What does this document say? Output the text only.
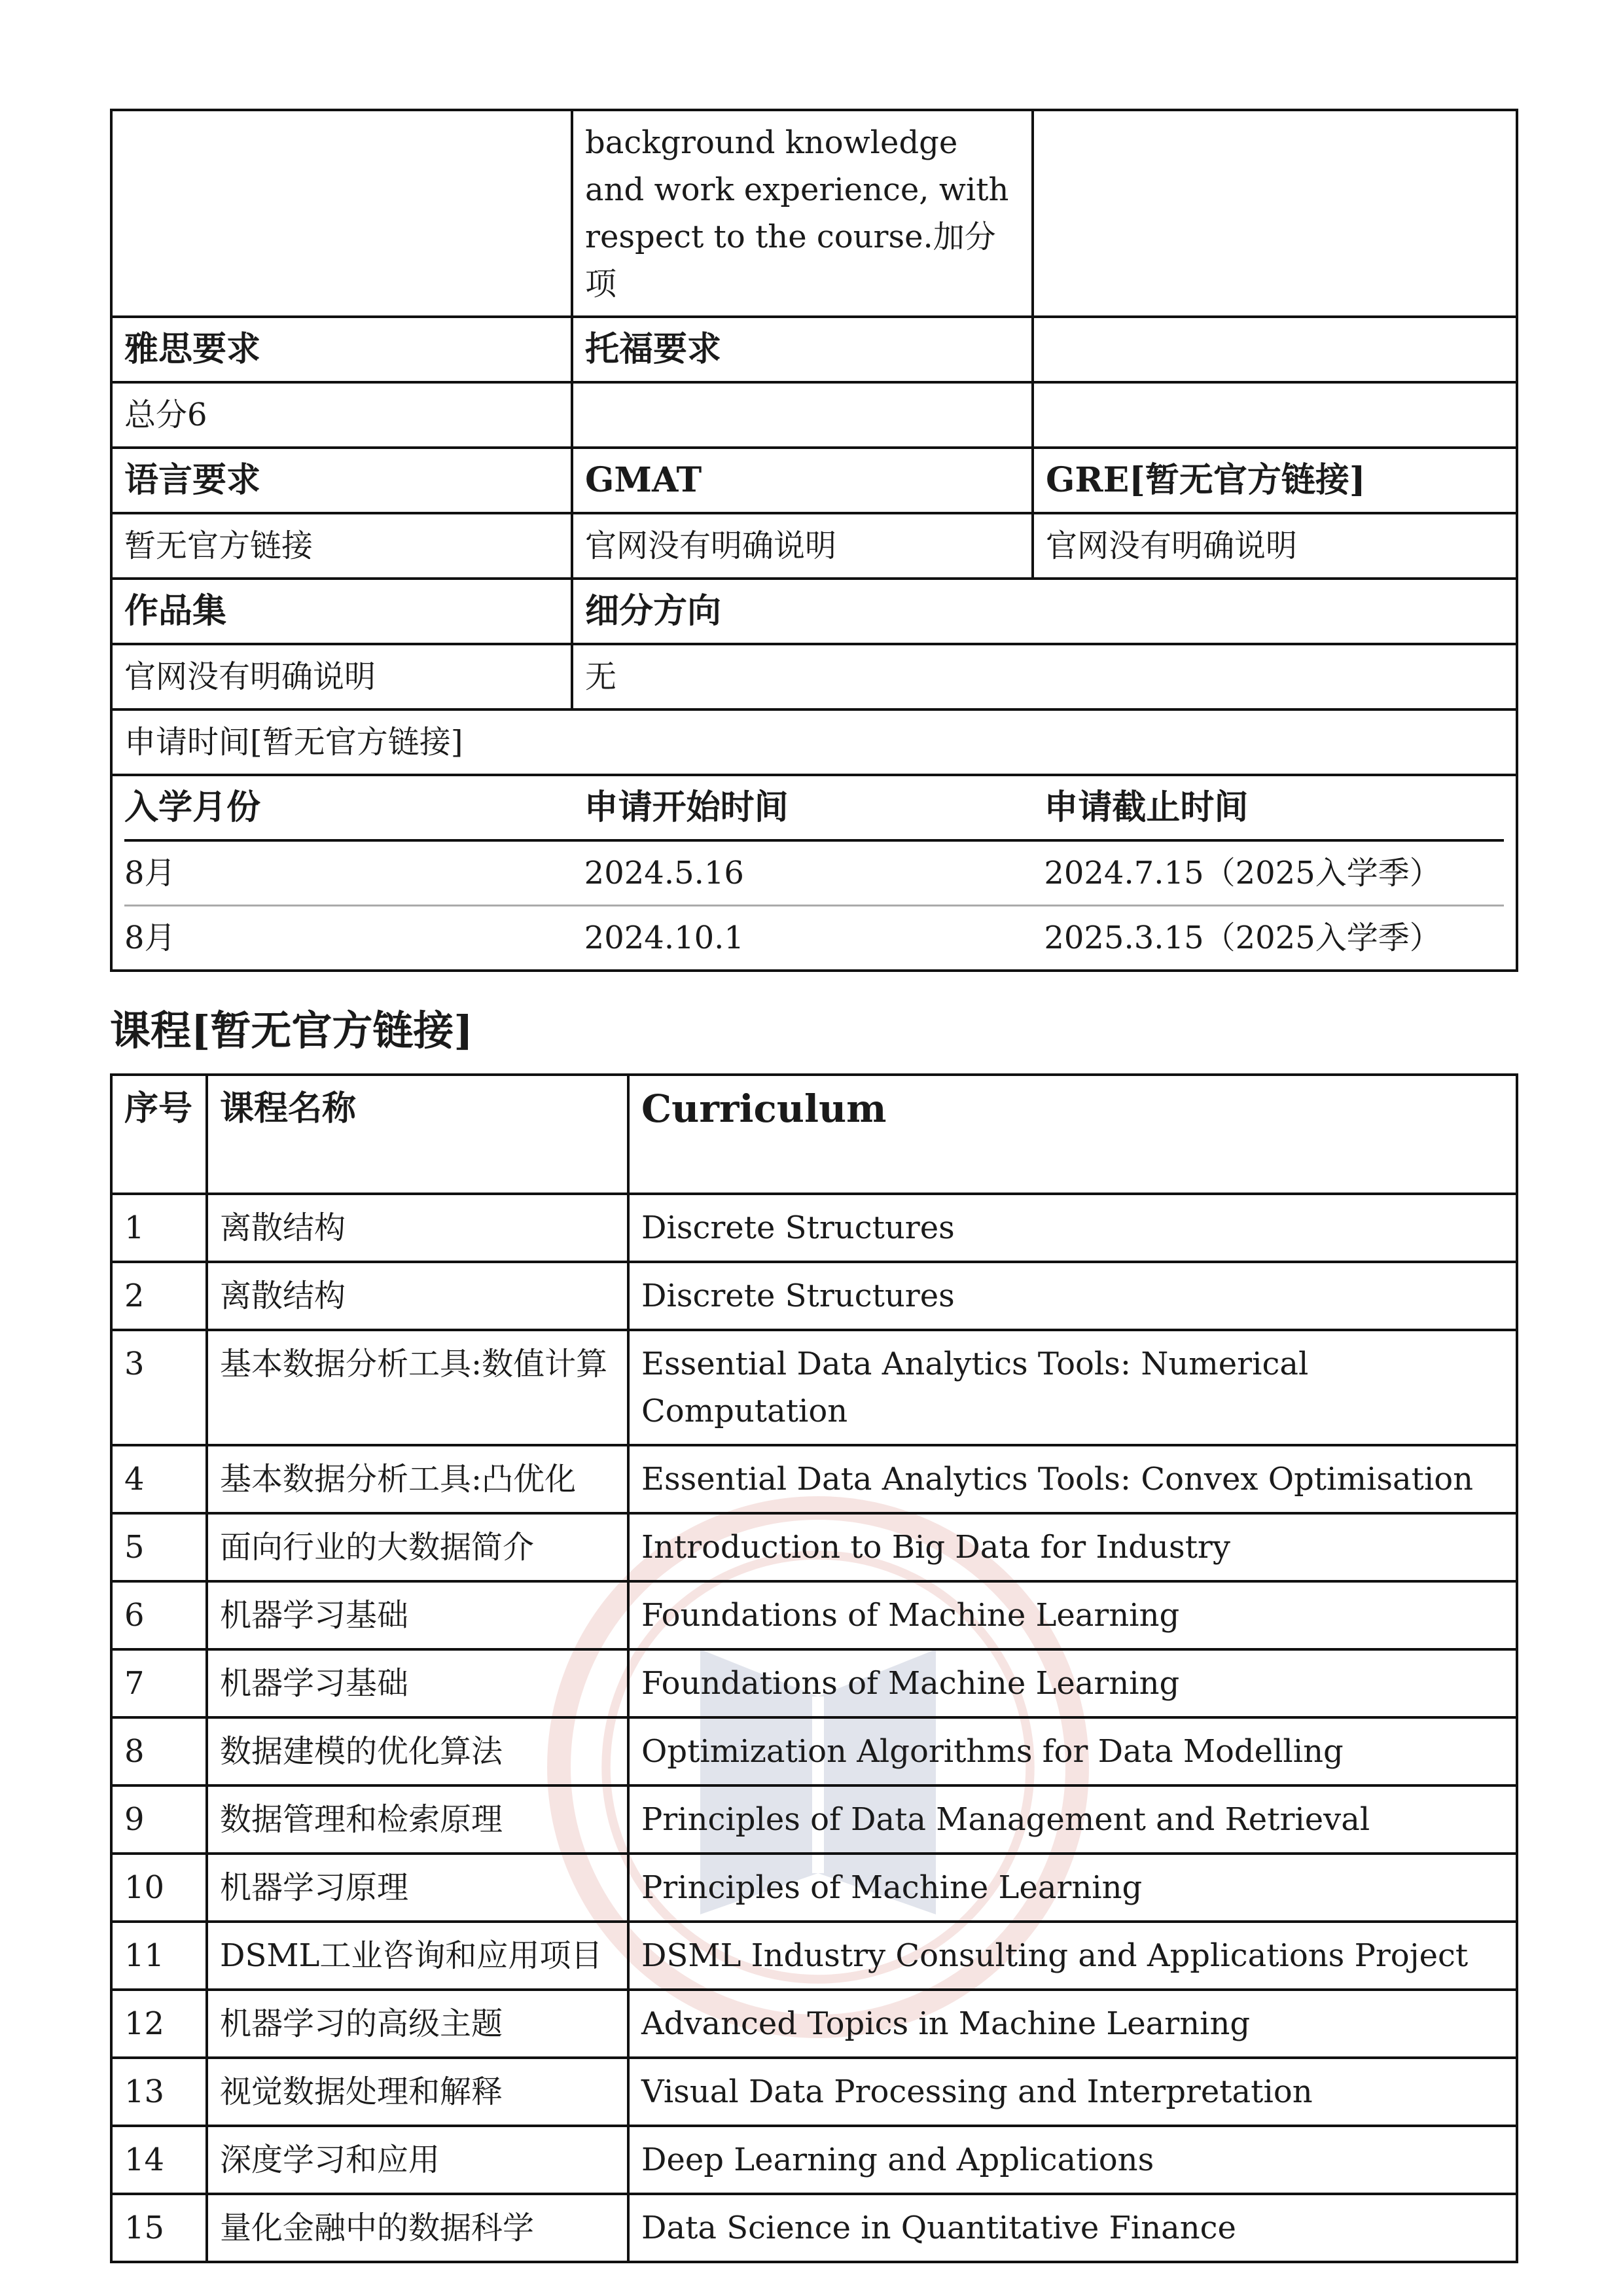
	background knowledge and work experience, with respect to the course.加分项	
雅思要求	托福要求	
总分6		
语言要求	GMAT	GRE[暂无官方链接]
暂无官方链接	官网没有明确说明	官网没有明确说明
作品集	细分方向
官网没有明确说明	无
申请时间[暂无官方链接]

入学月份	申请开始时间	申请截止时间
8月	2024.5.16	2024.7.15（2025入学季）
8月	2024.10.1	2025.3.15（2025入学季）
课程[暂无官方链接]
序号	课程名称	Curriculum
1	离散结构	Discrete Structures
2	离散结构	Discrete Structures
3	基本数据分析工具:数值计算	Essential Data Analytics Tools: Numerical Computation
4	基本数据分析工具:凸优化	Essential Data Analytics Tools: Convex Optimisation
5	面向行业的大数据简介	Introduction to Big Data for Industry
6	机器学习基础	Foundations of Machine Learning
7	机器学习基础	Foundations of Machine Learning
8	数据建模的优化算法	Optimization Algorithms for Data Modelling
9	数据管理和检索原理	Principles of Data Management and Retrieval
10	机器学习原理	Principles of Machine Learning
11	DSML工业咨询和应用项目	DSML Industry Consulting and Applications Project
12	机器学习的高级主题	Advanced Topics in Machine Learning
13	视觉数据处理和解释	Visual Data Processing and Interpretation
14	深度学习和应用	Deep Learning and Applications
15	量化金融中的数据科学	Data Science in Quantitative Finance
